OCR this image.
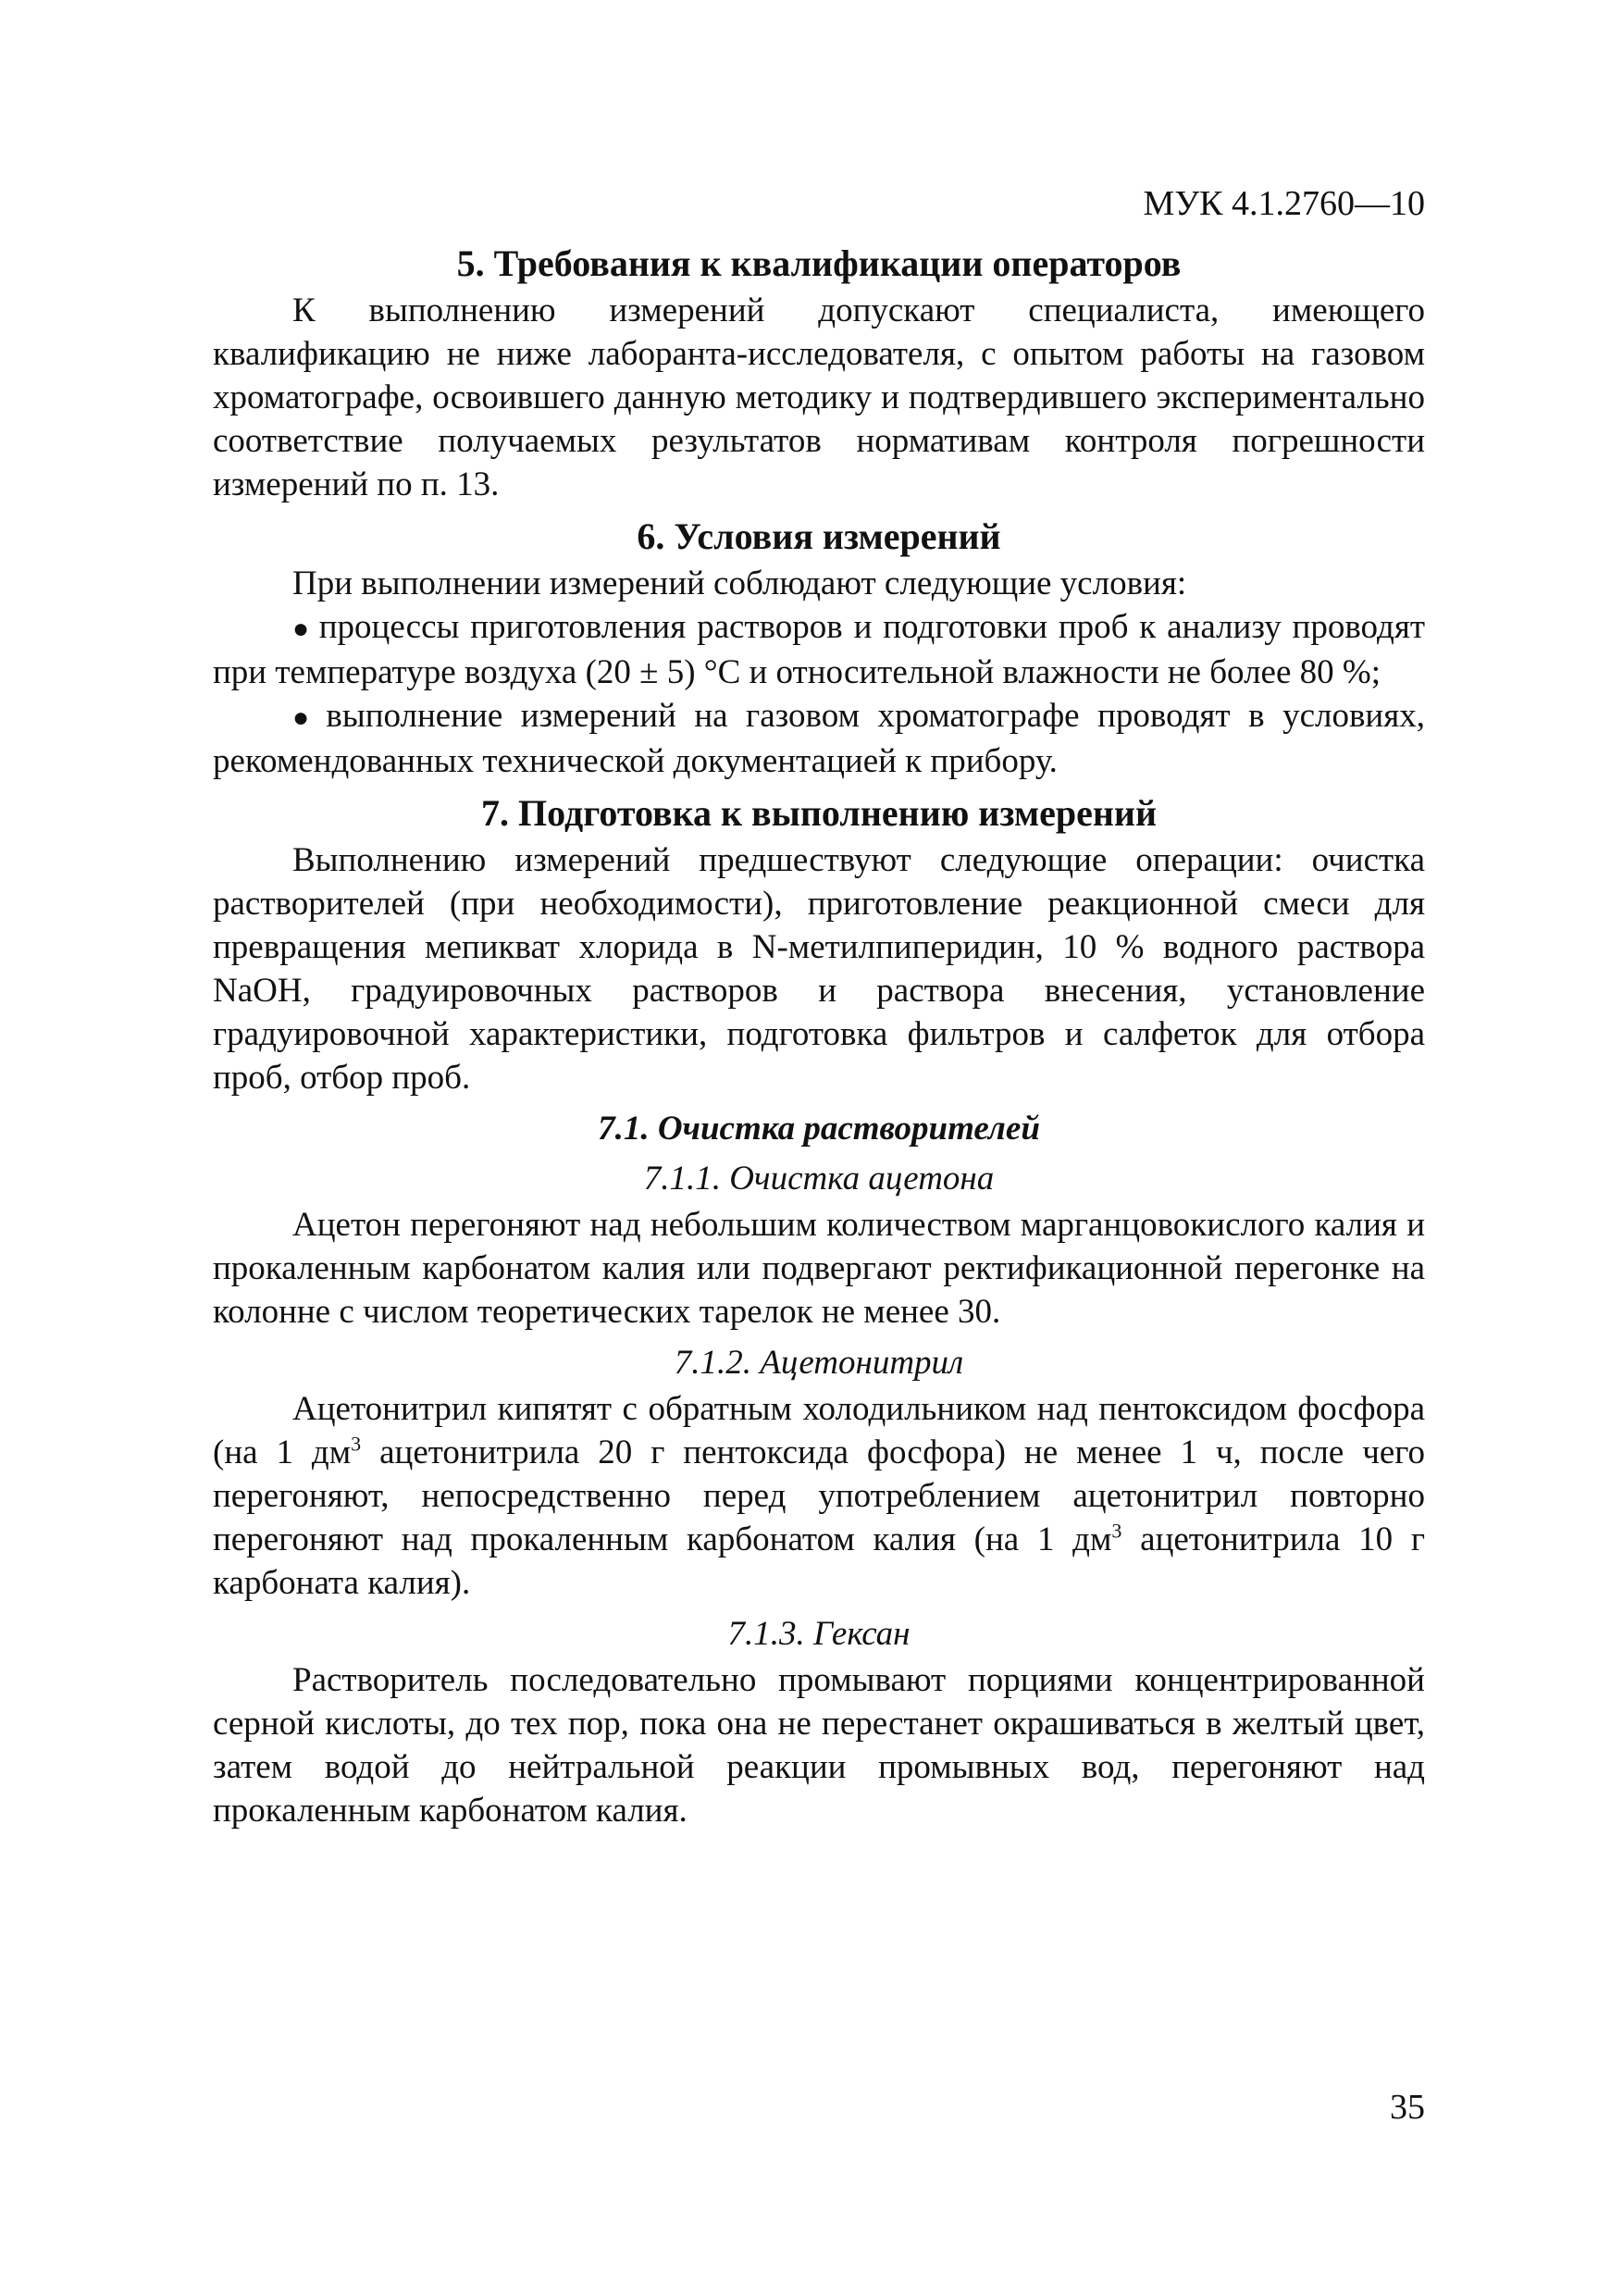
МУК 4.1.2760—10
5. Требования к квалификации операторов

К выполнению измерений допускают специалиста, имеющего квалификацию не ниже лаборанта-исследователя, с опытом работы на газовом хроматографе, освоившего данную методику и подтвердившего экспериментально соответствие получаемых результатов нормативам контроля погрешности измерений по п. 13.

6. Условия измерений

При выполнении измерений соблюдают следующие условия:

● процессы приготовления растворов и подготовки проб к анализу проводят при температуре воздуха (20 ± 5) °С и относительной влажности не более 80 %;

● выполнение измерений на газовом хроматографе проводят в условиях, рекомендованных технической документацией к прибору.

7. Подготовка к выполнению измерений

Выполнению измерений предшествуют следующие операции: очистка растворителей (при необходимости), приготовление реакционной смеси для превращения мепикват хлорида в N-метилпиперидин, 10 % водного раствора NaOH, градуировочных растворов и раствора внесения, установление градуировочной характеристики, подготовка фильтров и салфеток для отбора проб, отбор проб.

7.1. Очистка растворителей
7.1.1. Очистка ацетона

Ацетон перегоняют над небольшим количеством марганцовокислого калия и прокаленным карбонатом калия или подвергают ректификационной перегонке на колонне с числом теоретических тарелок не менее 30.

7.1.2. Ацетонитрил

Ацетонитрил кипятят с обратным холодильником над пентоксидом фосфора (на 1 $дм^3$ ацетонитрила 20 г пентоксида фосфора) не менее 1 ч, после чего перегоняют, непосредственно перед употреблением ацетонитрил повторно перегоняют над прокаленным карбонатом калия (на 1 $дм^3$ ацетонитрила 10 г карбоната калия).

7.1.3. Гексан

Растворитель последовательно промывают порциями концентрированной серной кислоты, до тех пор, пока она не перестанет окрашиваться в желтый цвет, затем водой до нейтральной реакции промывных вод, перегоняют над прокаленным карбонатом калия.

35
